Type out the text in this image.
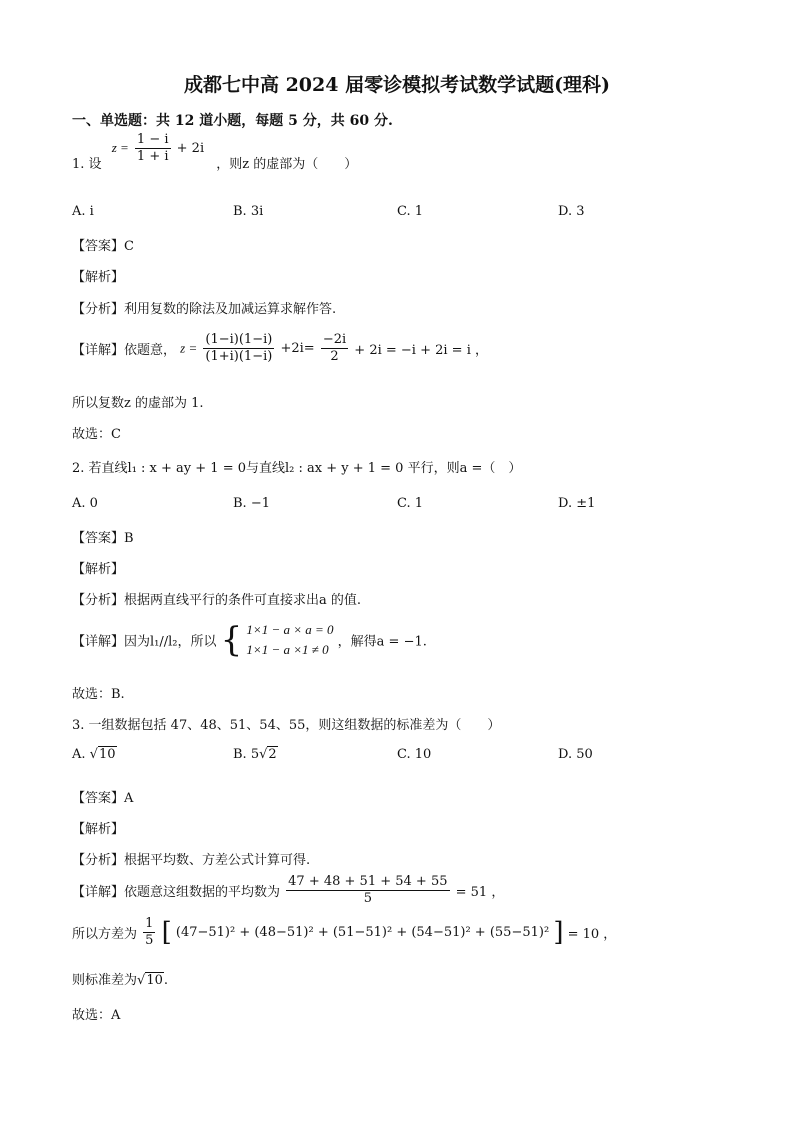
成都七中高 2024 届零诊模拟考试数学试题(理科)
一、单选题：共 12 道小题，每题 5 分，共 60 分.
1. 设 $z = \frac{1 - i}{1 + i} + 2i$ ，则z 的虚部为（　　）
A. i	B. 3i	C. 1	D. 3
【答案】C
【解析】
【分析】利用复数的除法及加减运算求解作答.
【详解】依题意， $z = \frac{(1-i)(1-i)}{(1+i)(1-i)} +2i= \frac{-2i}{2} + 2i = -i + 2i = i$ ，
所以复数z 的虚部为 1.
故选：C
2. 若直线l₁ : x + ay + 1 = 0与直线l₂ : ax + y + 1 = 0 平行，则a =（　）
A. 0	B. −1	C. 1	D. ±1
【答案】B
【解析】
【分析】根据两直线平行的条件可直接求出a 的值.
【详解】因为l₁//l₂，所以 { 1×1 − a × a = 0
1×1 − a ×1 ≠ 0 ，解得a = −1.
故选：B.
3. 一组数据包括 47、48、51、54、55，则这组数据的标准差为（　　）
A. √10	B. 5√2	C. 10	D. 50
【答案】A
【解析】
【分析】根据平均数、方差公式计算可得.
【详解】依题意这组数据的平均数为 $\frac{47 + 48 + 51 + 54 + 55}{5} = 51$ ，
所以方差为 $\frac{1}{5}$ [ (47−51)² + (48−51)² + (51−51)² + (54−51)² + (55−51)² ] = 10 ，
则标准差为√10.
故选：A
